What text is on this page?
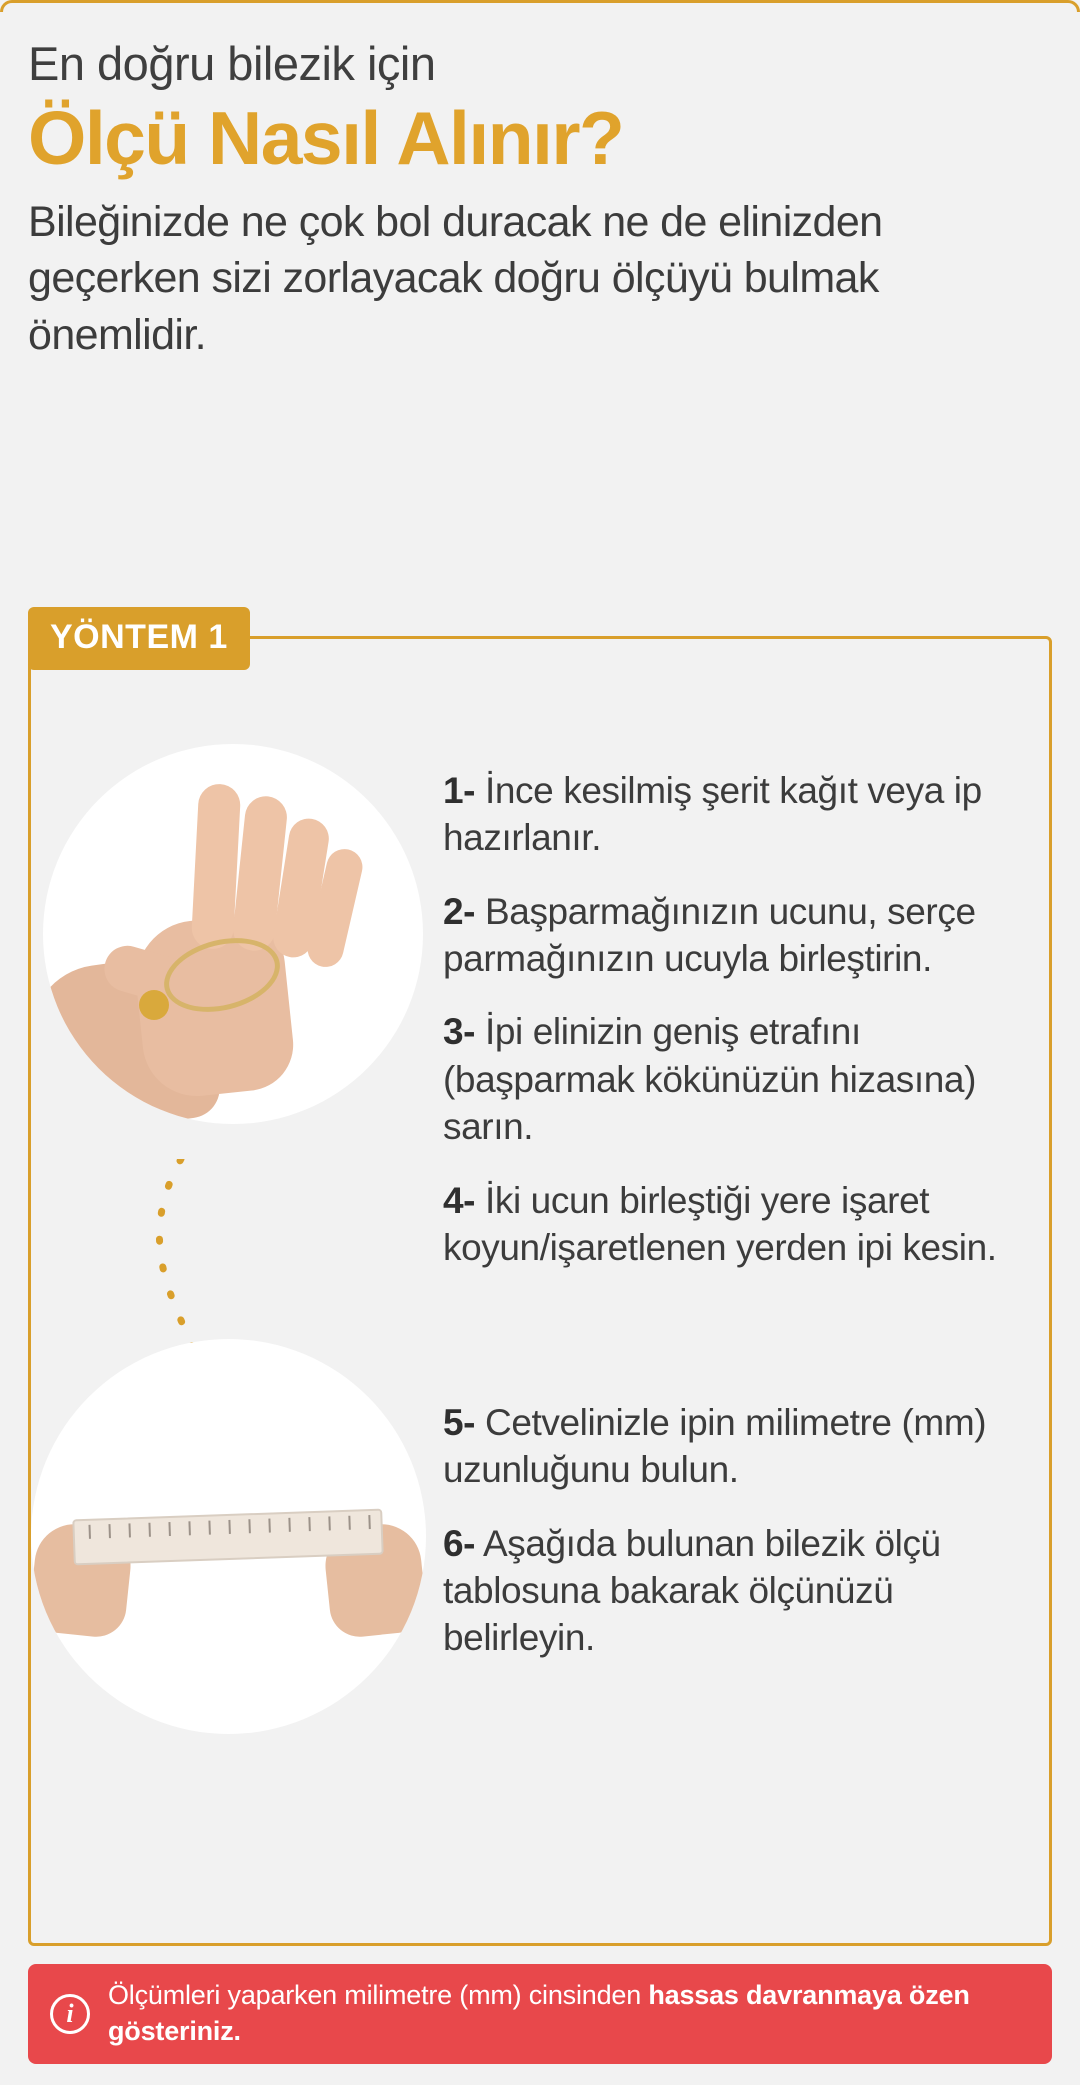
En doğru bilezik için
Ölçü Nasıl Alınır?
Bileğinizde ne çok bol duracak ne de elinizden geçerken sizi zorlayacak doğru ölçüyü bulmak önemlidir.
YÖNTEM 1

1- İnce kesilmiş şerit kağıt veya ip hazırlanır.

2- Başparmağınızın ucunu, serçe parmağınızın ucuyla birleştirin.

3- İpi elinizin geniş etrafını (başparmak kökünüzün hizasına) sarın.

4- İki ucun birleştiği yere işaret koyun/işaretlenen yerden ipi kesin.

5- Cetvelinizle ipin milimetre (mm) uzunluğunu bulun.

6- Aşağıda bulunan bilezik ölçü tablosuna bakarak ölçünüzü belirleyin.

i
Ölçümleri yaparken milimetre (mm) cinsinden hassas davranmaya özen gösteriniz.
